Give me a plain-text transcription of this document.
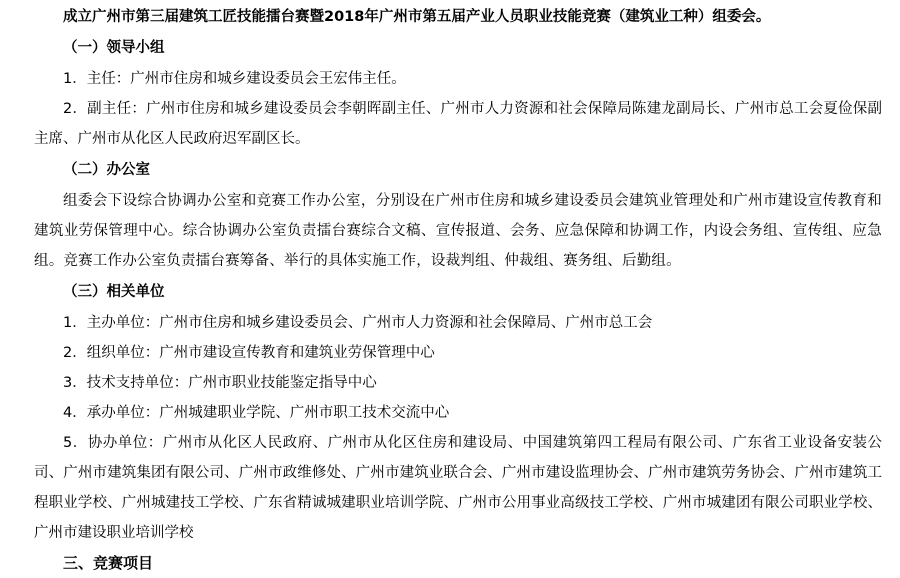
成立广州市第三届建筑工匠技能擂台赛暨2018年广州市第五届产业人员职业技能竞赛（建筑业工种）组委会。

（一）领导小组

1．主任：广州市住房和城乡建设委员会王宏伟主任。

2．副主任：广州市住房和城乡建设委员会李朝晖副主任、广州市人力资源和社会保障局陈建龙副局长、广州市总工会夏俭保副主席、广州市从化区人民政府迟军副区长。

（二）办公室

组委会下设综合协调办公室和竞赛工作办公室，分别设在广州市住房和城乡建设委员会建筑业管理处和广州市建设宣传教育和建筑业劳保管理中心。综合协调办公室负责擂台赛综合文稿、宣传报道、会务、应急保障和协调工作，内设会务组、宣传组、应急组。竞赛工作办公室负责擂台赛筹备、举行的具体实施工作，设裁判组、仲裁组、赛务组、后勤组。

（三）相关单位

1．主办单位：广州市住房和城乡建设委员会、广州市人力资源和社会保障局、广州市总工会

2．组织单位：广州市建设宣传教育和建筑业劳保管理中心

3．技术支持单位：广州市职业技能鉴定指导中心

4．承办单位：广州城建职业学院、广州市职工技术交流中心

5．协办单位：广州市从化区人民政府、广州市从化区住房和建设局、中国建筑第四工程局有限公司、广东省工业设备安装公司、广州市建筑集团有限公司、广州市政维修处、广州市建筑业联合会、广州市建设监理协会、广州市建筑劳务协会、广州市建筑工程职业学校、广州城建技工学校、广东省精诚城建职业培训学院、广州市公用事业高级技工学校、广州市城建团有限公司职业学校、广州市建设职业培训学校

三、竞赛项目
